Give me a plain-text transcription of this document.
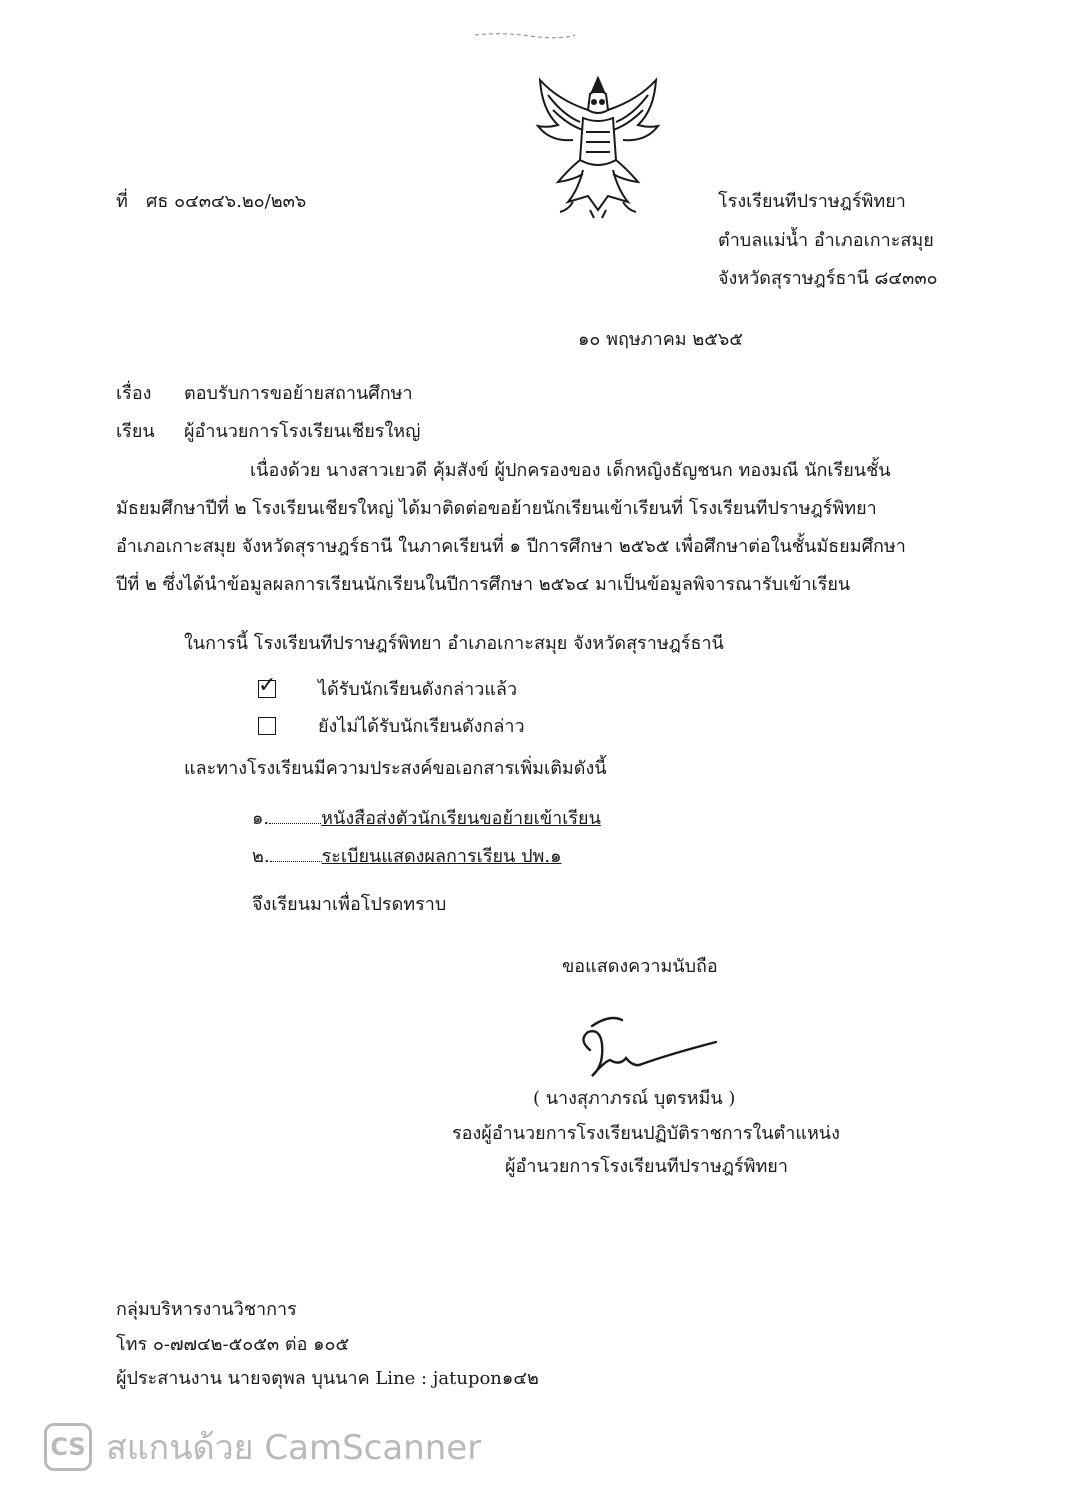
ที่ ศธ ๐๔๓๔๖.๒๐/๒๓๖	โรงเรียนทีปราษฎร์พิทยา
ตำบลแม่น้ำ อำเภอเกาะสมุย
จังหวัดสุราษฎร์ธานี ๘๔๓๓๐
๑๐ พฤษภาคม ๒๕๖๕
เรื่อง ตอบรับการขอย้ายสถานศึกษา
เรียน ผู้อำนวยการโรงเรียนเชียรใหญ่
เนื่องด้วย นางสาวเยวดี คุ้มสังข์ ผู้ปกครองของ เด็กหญิงธัญชนก ทองมณี นักเรียนชั้น
มัธยมศึกษาปีที่ ๒ โรงเรียนเชียรใหญ่ ได้มาติดต่อขอย้ายนักเรียนเข้าเรียนที่ โรงเรียนทีปราษฎร์พิทยา
อำเภอเกาะสมุย จังหวัดสุราษฎร์ธานี ในภาคเรียนที่ ๑ ปีการศึกษา ๒๕๖๕ เพื่อศึกษาต่อในชั้นมัธยมศึกษา
ปีที่ ๒ ซึ่งได้นำข้อมูลผลการเรียนนักเรียนในปีการศึกษา ๒๕๖๔ มาเป็นข้อมูลพิจารณารับเข้าเรียน
ในการนี้ โรงเรียนทีปราษฎร์พิทยา อำเภอเกาะสมุย จังหวัดสุราษฎร์ธานี
✓ ได้รับนักเรียนดังกล่าวแล้ว
ยังไม่ได้รับนักเรียนดังกล่าว
และทางโรงเรียนมีความประสงค์ขอเอกสารเพิ่มเติมดังนี้
๑.	หนังสือส่งตัวนักเรียนขอย้ายเข้าเรียน
๒.	ระเบียนแสดงผลการเรียน ปพ.๑
จึงเรียนมาเพื่อโปรดทราบ
ขอแสดงความนับถือ
( นางสุภาภรณ์ บุตรหมีน )
รองผู้อำนวยการโรงเรียนปฏิบัติราชการในตำแหน่ง
ผู้อำนวยการโรงเรียนทีปราษฎร์พิทยา
กลุ่มบริหารงานวิชาการ
โทร ๐-๗๗๔๒-๕๐๕๓ ต่อ ๑๐๕
ผู้ประสานงาน นายจตุพล บุนนาค Line : jatupon๑๔๒
CS สแกนด้วย CamScanner
